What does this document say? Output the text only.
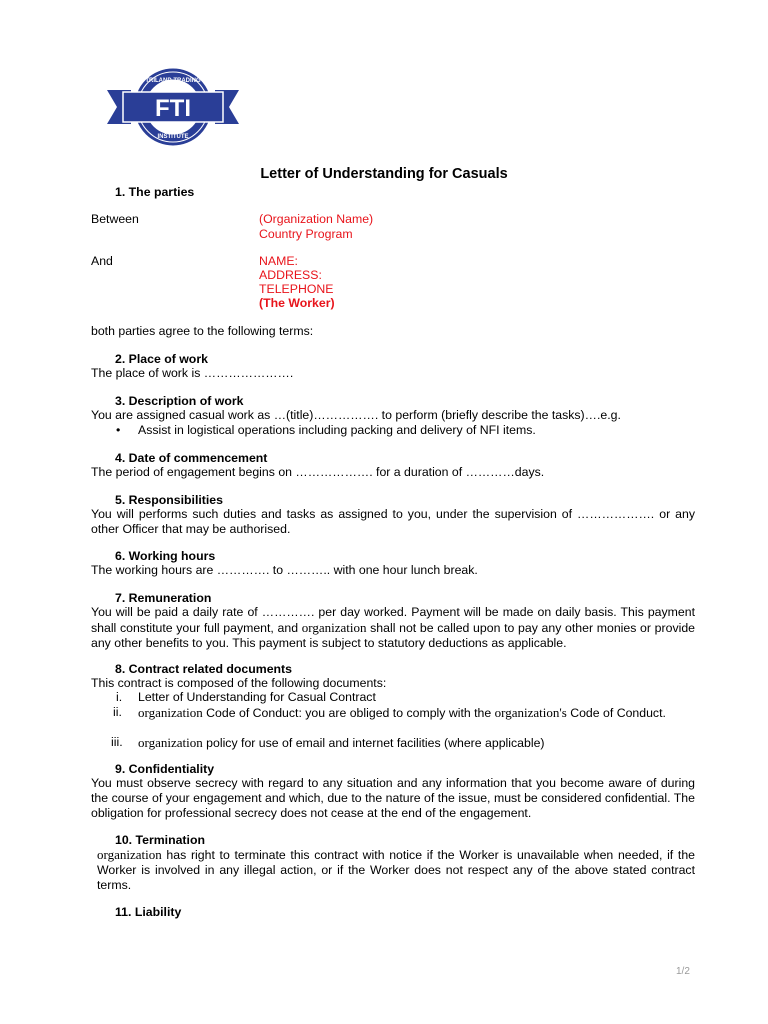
FTI
TRILAND TRADING
INSTITUTE
Letter of Understanding for Casuals
1. The parties
Between	(Organization Name)
Country Program
And	NAME:
ADDRESS:
TELEPHONE
(The Worker)
both parties agree to the following terms:
2. Place of work
The place of work is ………………….
3. Description of work
You are assigned casual work as …(title)……………. to perform (briefly describe the tasks)….e.g.
• Assist in logistical operations including packing and delivery of NFI items.
4. Date of commencement
The period of engagement begins on ………………. for a duration of …………days.
5. Responsibilities
You will performs such duties and tasks as assigned to you, under the supervision of ………………. or any other Officer that may be authorised.
6. Working hours
The working hours are …………. to ……….. with one hour lunch break.
7. Remuneration
You will be paid a daily rate of …………. per day worked. Payment will be made on daily basis. This payment shall constitute your full payment, and organization shall not be called upon to pay any other monies or provide any other benefits to you. This payment is subject to statutory deductions as applicable.
8. Contract related documents
This contract is composed of the following documents:
i. Letter of Understanding for Casual Contract
ii. organization Code of Conduct: you are obliged to comply with the organization's Code of Conduct.
iii. organization policy for use of email and internet facilities (where applicable)
9. Confidentiality
You must observe secrecy with regard to any situation and any information that you become aware of during the course of your engagement and which, due to the nature of the issue, must be considered confidential. The obligation for professional secrecy does not cease at the end of the engagement.
10. Termination
organization has right to terminate this contract with notice if the Worker is unavailable when needed, if the Worker is involved in any illegal action, or if the Worker does not respect any of the above stated contract terms.
11. Liability
1/2
